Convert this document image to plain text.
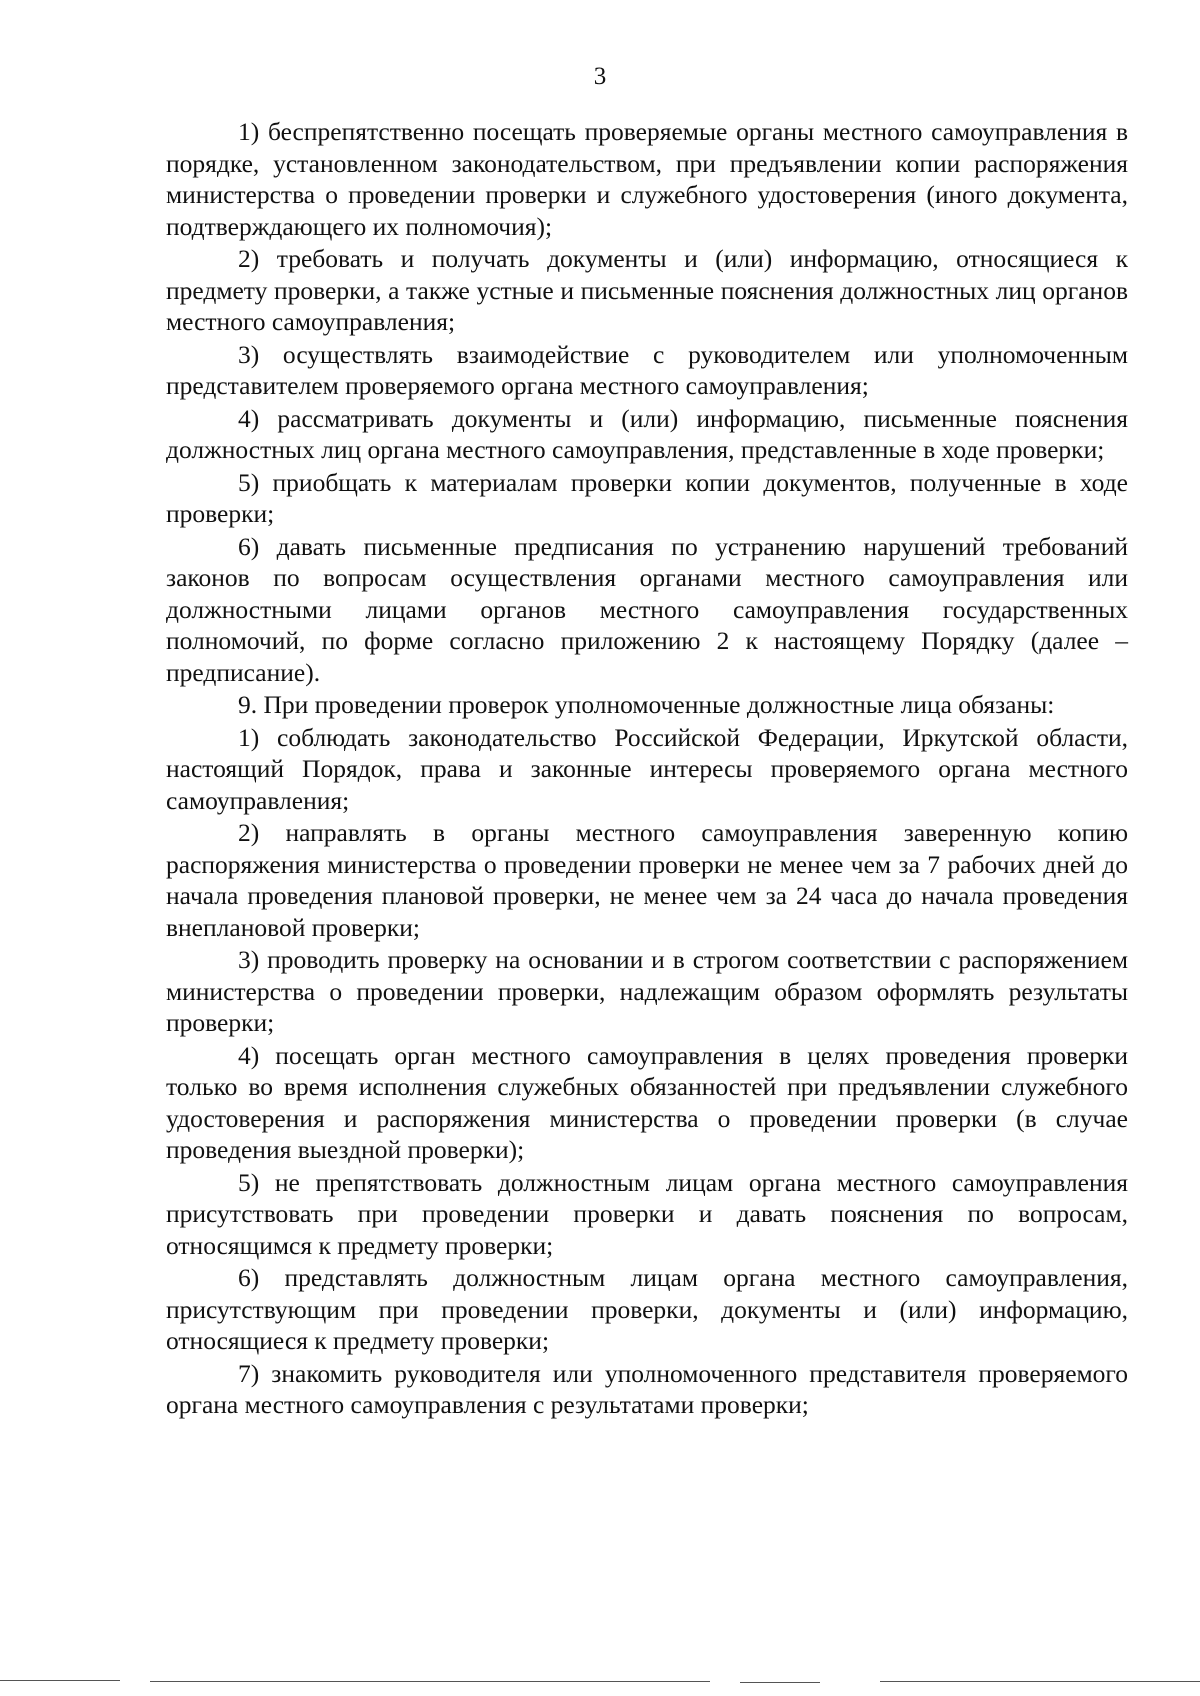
3

1) беспрепятственно посещать проверяемые органы местного самоуправления в порядке, установленном законодательством, при предъявлении копии распоряжения министерства о проведении проверки и служебного удостоверения (иного документа, подтверждающего их полномочия);

2) требовать и получать документы и (или) информацию, относящиеся к предмету проверки, а также устные и письменные пояснения должностных лиц органов местного самоуправления;

3) осуществлять взаимодействие с руководителем или уполномоченным представителем проверяемого органа местного самоуправления;

4) рассматривать документы и (или) информацию, письменные пояснения должностных лиц органа местного самоуправления, представленные в ходе проверки;

5) приобщать к материалам проверки копии документов, полученные в ходе проверки;

6) давать письменные предписания по устранению нарушений требований законов по вопросам осуществления органами местного самоуправления или должностными лицами органов местного самоуправления государственных полномочий, по форме согласно приложению 2 к настоящему Порядку (далее – предписание).

9. При проведении проверок уполномоченные должностные лица обязаны:

1) соблюдать законодательство Российской Федерации, Иркутской области, настоящий Порядок, права и законные интересы проверяемого органа местного самоуправления;

2) направлять в органы местного самоуправления заверенную копию распоряжения министерства о проведении проверки не менее чем за 7 рабочих дней до начала проведения плановой проверки, не менее чем за 24 часа до начала проведения внеплановой проверки;

3) проводить проверку на основании и в строгом соответствии с распоряжением министерства о проведении проверки, надлежащим образом оформлять результаты проверки;

4) посещать орган местного самоуправления в целях проведения проверки только во время исполнения служебных обязанностей при предъявлении служебного удостоверения и распоряжения министерства о проведении проверки (в случае проведения выездной проверки);

5) не препятствовать должностным лицам органа местного самоуправления присутствовать при проведении проверки и давать пояснения по вопросам, относящимся к предмету проверки;

6) представлять должностным лицам органа местного самоуправления, присутствующим при проведении проверки, документы и (или) информацию, относящиеся к предмету проверки;

7) знакомить руководителя или уполномоченного представителя проверяемого органа местного самоуправления с результатами проверки;
